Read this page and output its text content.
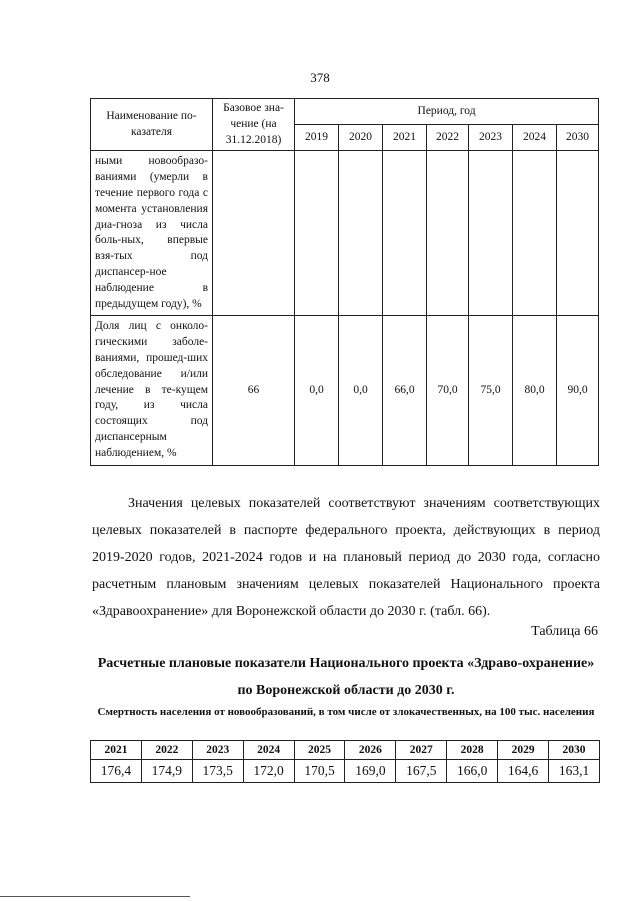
378
Наименование по-казателя	Базовое зна-чение (на 31.12.2018)	Период, год						
		2019	2020	2021	2022	2023	2024	2030
ными новообразо-ваниями (умерли в течение первого года с момента установления диа-гноза из числа боль-ных, впервые взя-тых под диспансер-ное наблюдение в предыдущем году), %								
Доля лиц с онколо-гическими заболе-ваниями, прошед-ших обследование и/или лечение в те-кущем году, из числа состоящих под диспансерным наблюдением, %	66	0,0	0,0	66,0	70,0	75,0	80,0	90,0
Значения целевых показателей соответствуют значениям соответствующих целевых показателей в паспорте федерального проекта, действующих в период 2019-2020 годов, 2021-2024 годов и на плановый период до 2030 года, согласно расчетным плановым значениям целевых показателей Национального проекта «Здравоохранение» для Воронежской области до 2030 г. (табл. 66).
Таблица 66
Расчетные плановые показатели Национального проекта «Здраво-охранение» по Воронежской области до 2030 г.
Смертность населения от новообразований, в том числе от злокачественных, на 100 тыс. населения
2021	2022	2023	2024	2025	2026	2027	2028	2029	2030
176,4	174,9	173,5	172,0	170,5	169,0	167,5	166,0	164,6	163,1
